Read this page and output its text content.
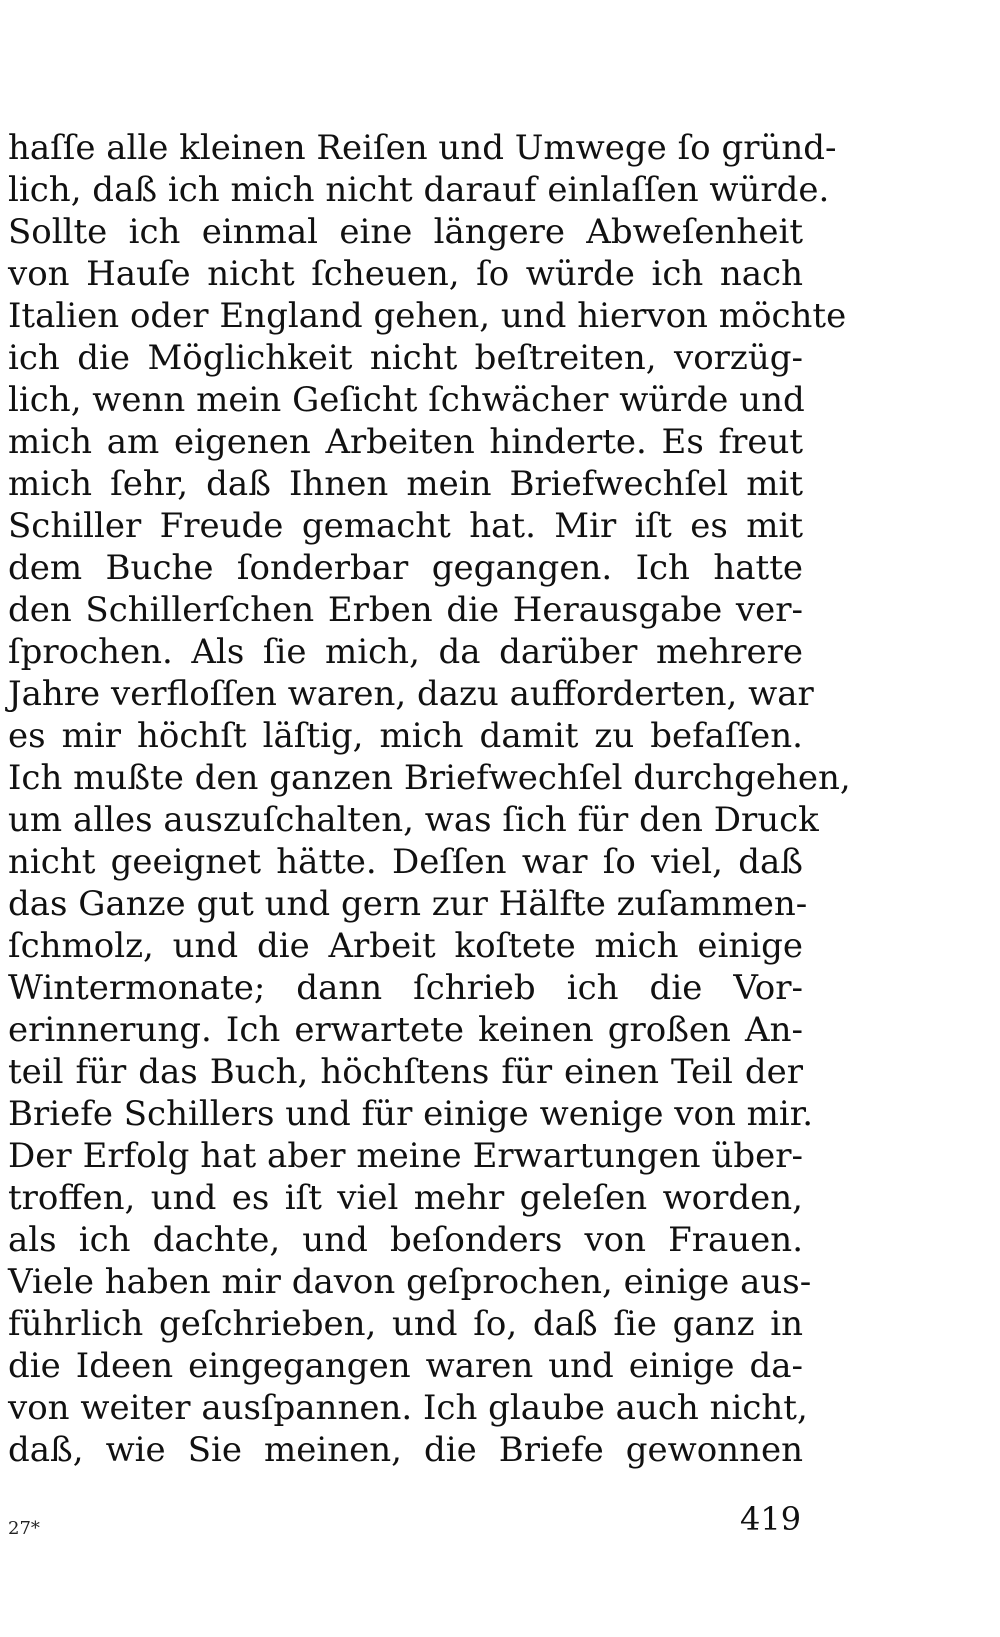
haſſe alle kleinen Reiſen und Umwege ſo gründ-
lich, daß ich mich nicht darauf einlaſſen würde.
Sollte ich einmal eine längere Abweſenheit
von Hauſe nicht ſcheuen, ſo würde ich nach
Italien oder England gehen, und hiervon möchte
ich die Möglichkeit nicht beſtreiten, vorzüg-
lich, wenn mein Geſicht ſchwächer würde und
mich am eigenen Arbeiten hinderte. Es freut
mich ſehr, daß Ihnen mein Briefwechſel mit
Schiller Freude gemacht hat. Mir iſt es mit
dem Buche ſonderbar gegangen. Ich hatte
den Schillerſchen Erben die Herausgabe ver-
ſprochen. Als ſie mich, da darüber mehrere
Jahre verfloſſen waren, dazu aufforderten, war
es mir höchſt läſtig, mich damit zu befaſſen.
Ich mußte den ganzen Briefwechſel durchgehen,
um alles auszuſchalten, was ſich für den Druck
nicht geeignet hätte. Deſſen war ſo viel, daß
das Ganze gut und gern zur Hälfte zuſammen-
ſchmolz, und die Arbeit koſtete mich einige
Wintermonate; dann ſchrieb ich die Vor-
erinnerung. Ich erwartete keinen großen An-
teil für das Buch, höchſtens für einen Teil der
Briefe Schillers und für einige wenige von mir.
Der Erfolg hat aber meine Erwartungen über-
troffen, und es iſt viel mehr geleſen worden,
als ich dachte, und beſonders von Frauen.
Viele haben mir davon geſprochen, einige aus-
führlich geſchrieben, und ſo, daß ſie ganz in
die Ideen eingegangen waren und einige da-
von weiter ausſpannen. Ich glaube auch nicht,
daß, wie Sie meinen, die Briefe gewonnen
27*	419
